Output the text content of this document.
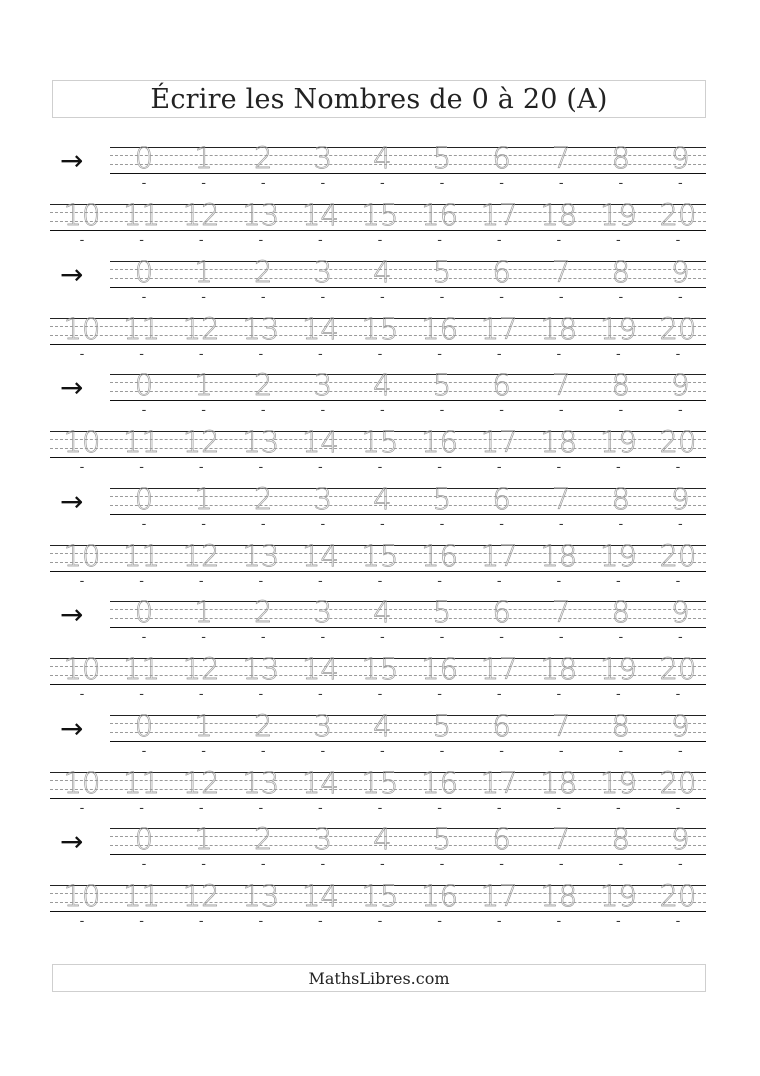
Écrire les Nombres de 0 à 20 (A)
→	0
-
1
-
2
-
3
-
4
-
5
-
6
-
7
-
8
-
9
-
10
-
11
-
12
-
13
-
14
-
15
-
16
-
17
-
18
-
19
-
20
-
→	0
-
1
-
2
-
3
-
4
-
5
-
6
-
7
-
8
-
9
-
10
-
11
-
12
-
13
-
14
-
15
-
16
-
17
-
18
-
19
-
20
-
→	0
-
1
-
2
-
3
-
4
-
5
-
6
-
7
-
8
-
9
-
10
-
11
-
12
-
13
-
14
-
15
-
16
-
17
-
18
-
19
-
20
-
→	0
-
1
-
2
-
3
-
4
-
5
-
6
-
7
-
8
-
9
-
10
-
11
-
12
-
13
-
14
-
15
-
16
-
17
-
18
-
19
-
20
-
→	0
-
1
-
2
-
3
-
4
-
5
-
6
-
7
-
8
-
9
-
10
-
11
-
12
-
13
-
14
-
15
-
16
-
17
-
18
-
19
-
20
-
→	0
-
1
-
2
-
3
-
4
-
5
-
6
-
7
-
8
-
9
-
10
-
11
-
12
-
13
-
14
-
15
-
16
-
17
-
18
-
19
-
20
-
→	0
-
1
-
2
-
3
-
4
-
5
-
6
-
7
-
8
-
9
-
10
-
11
-
12
-
13
-
14
-
15
-
16
-
17
-
18
-
19
-
20
-
MathsLibres.com
